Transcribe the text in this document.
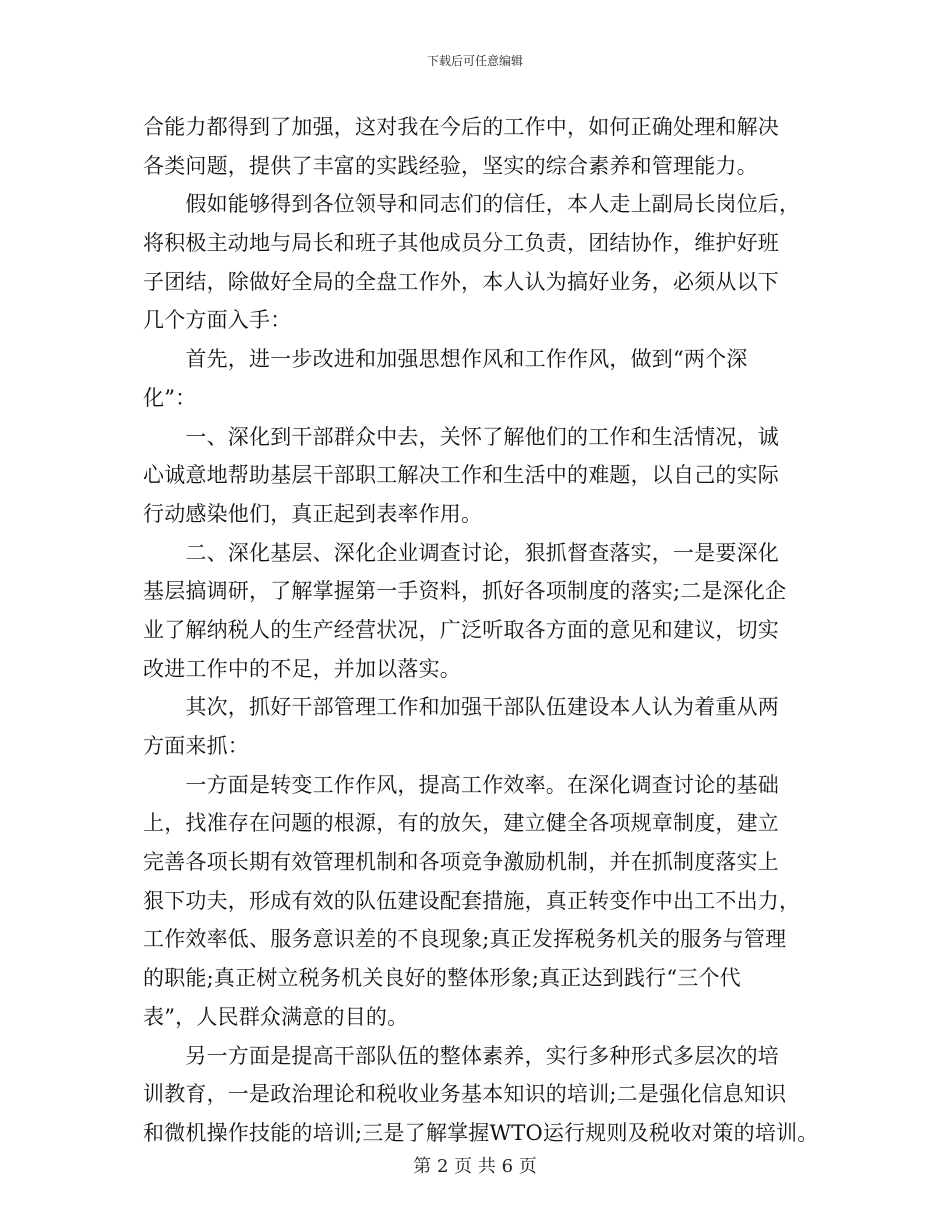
下载后可任意编辑
合能力都得到了加强，这对我在今后的工作中，如何正确处理和解决
各类问题，提供了丰富的实践经验，坚实的综合素养和管理能力。
　　假如能够得到各位领导和同志们的信任，本人走上副局长岗位后，
将积极主动地与局长和班子其他成员分工负责，团结协作，维护好班
子团结，除做好全局的全盘工作外，本人认为搞好业务，必须从以下
几个方面入手：
　　首先，进一步改进和加强思想作风和工作作风，做到“两个深
化”：
　　一、深化到干部群众中去，关怀了解他们的工作和生活情况，诚
心诚意地帮助基层干部职工解决工作和生活中的难题，以自己的实际
行动感染他们，真正起到表率作用。
　　二、深化基层、深化企业调查讨论，狠抓督查落实，一是要深化
基层搞调研，了解掌握第一手资料，抓好各项制度的落实;二是深化企
业了解纳税人的生产经营状况，广泛听取各方面的意见和建议，切实
改进工作中的不足，并加以落实。
　　其次，抓好干部管理工作和加强干部队伍建设本人认为着重从两
方面来抓：
　　一方面是转变工作作风，提高工作效率。在深化调查讨论的基础
上，找准存在问题的根源，有的放矢，建立健全各项规章制度，建立
完善各项长期有效管理机制和各项竞争激励机制，并在抓制度落实上
狠下功夫，形成有效的队伍建设配套措施，真正转变作中出工不出力，
工作效率低、服务意识差的不良现象;真正发挥税务机关的服务与管理
的职能;真正树立税务机关良好的整体形象;真正达到践行“三个代
表”，人民群众满意的目的。
　　另一方面是提高干部队伍的整体素养，实行多种形式多层次的培
训教育，一是政治理论和税收业务基本知识的培训;二是强化信息知识
和微机操作技能的培训;三是了解掌握WTO运行规则及税收对策的培训。
第 2 页 共 6 页
